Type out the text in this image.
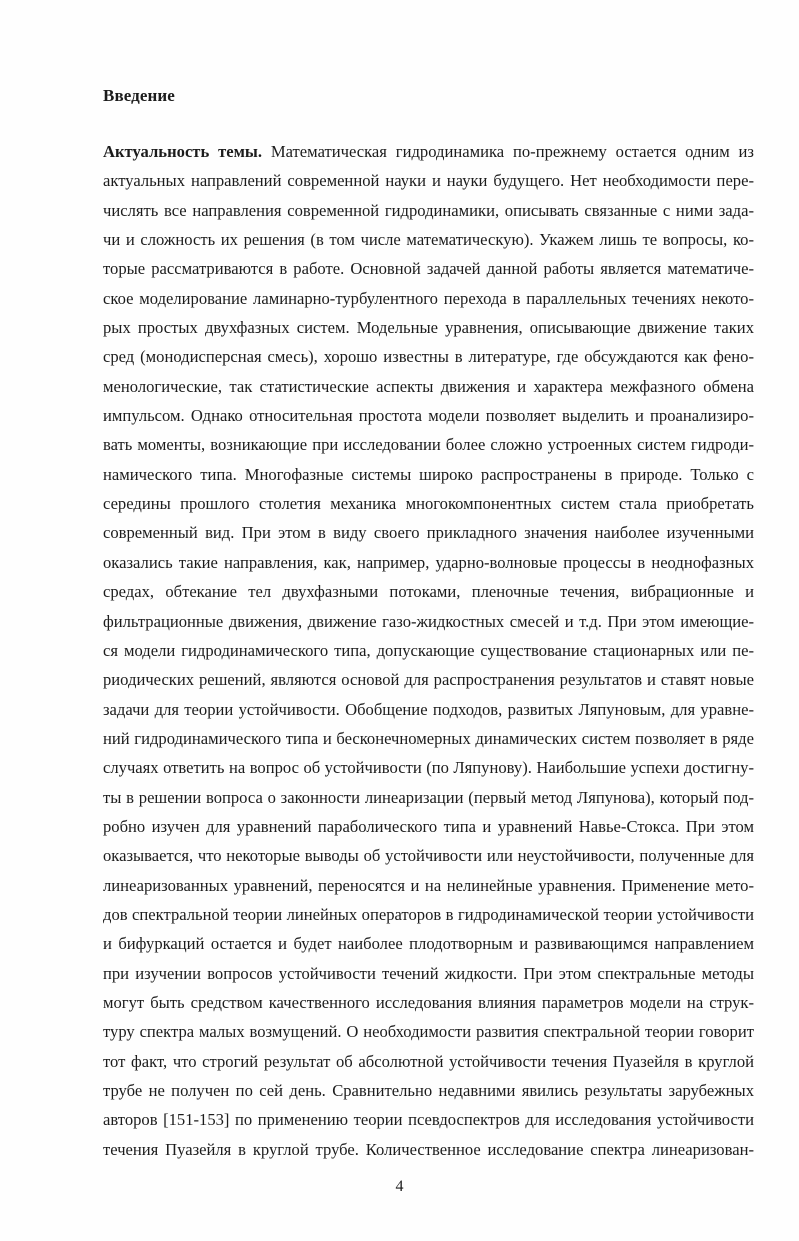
Введение
Актуальность темы. Математическая гидродинамика по-прежнему остается одним из
актуальных направлений современной науки и науки будущего. Нет необходимости пере-
числять все направления современной гидродинамики, описывать связанные с ними зада-
чи и сложность их решения (в том числе математическую). Укажем лишь те вопросы, ко-
торые рассматриваются в работе. Основной задачей данной работы является математиче-
ское моделирование ламинарно-турбулентного перехода в параллельных течениях некото-
рых простых двухфазных систем. Модельные уравнения, описывающие движение таких
сред (монодисперсная смесь), хорошо известны в литературе, где обсуждаются как фено-
менологические, так статистические аспекты движения и характера межфазного обмена
импульсом. Однако относительная простота модели позволяет выделить и проанализиро-
вать моменты, возникающие при исследовании более сложно устроенных систем гидроди-
намического типа. Многофазные системы широко распространены в природе. Только с
середины прошлого столетия механика многокомпонентных систем стала приобретать
современный вид. При этом в виду своего прикладного значения наиболее изученными
оказались такие направления, как, например, ударно-волновые процессы в неоднофазных
средах, обтекание тел двухфазными потоками, пленочные течения, вибрационные и
фильтрационные движения, движение газо-жидкостных смесей и т.д. При этом имеющие-
ся модели гидродинамического типа, допускающие существование стационарных или пе-
риодических решений, являются основой для распространения результатов и ставят новые
задачи для теории устойчивости. Обобщение подходов, развитых Ляпуновым, для уравне-
ний гидродинамического типа и бесконечномерных динамических систем позволяет в ряде
случаях ответить на вопрос об устойчивости (по Ляпунову). Наибольшие успехи достигну-
ты в решении вопроса о законности линеаризации (первый метод Ляпунова), который под-
робно изучен для уравнений параболического типа и уравнений Навье-Стокса. При этом
оказывается, что некоторые выводы об устойчивости или неустойчивости, полученные для
линеаризованных уравнений, переносятся и на нелинейные уравнения. Применение мето-
дов спектральной теории линейных операторов в гидродинамической теории устойчивости
и бифуркаций остается и будет наиболее плодотворным и развивающимся направлением
при изучении вопросов устойчивости течений жидкости. При этом спектральные методы
могут быть средством качественного исследования влияния параметров модели на струк-
туру спектра малых возмущений. О необходимости развития спектральной теории говорит
тот факт, что строгий результат об абсолютной устойчивости течения Пуазейля в круглой
трубе не получен по сей день. Сравнительно недавними явились результаты зарубежных
авторов [151-153] по применению теории псевдоспектров для исследования устойчивости
течения Пуазейля в круглой трубе. Количественное исследование спектра линеаризован-
4
